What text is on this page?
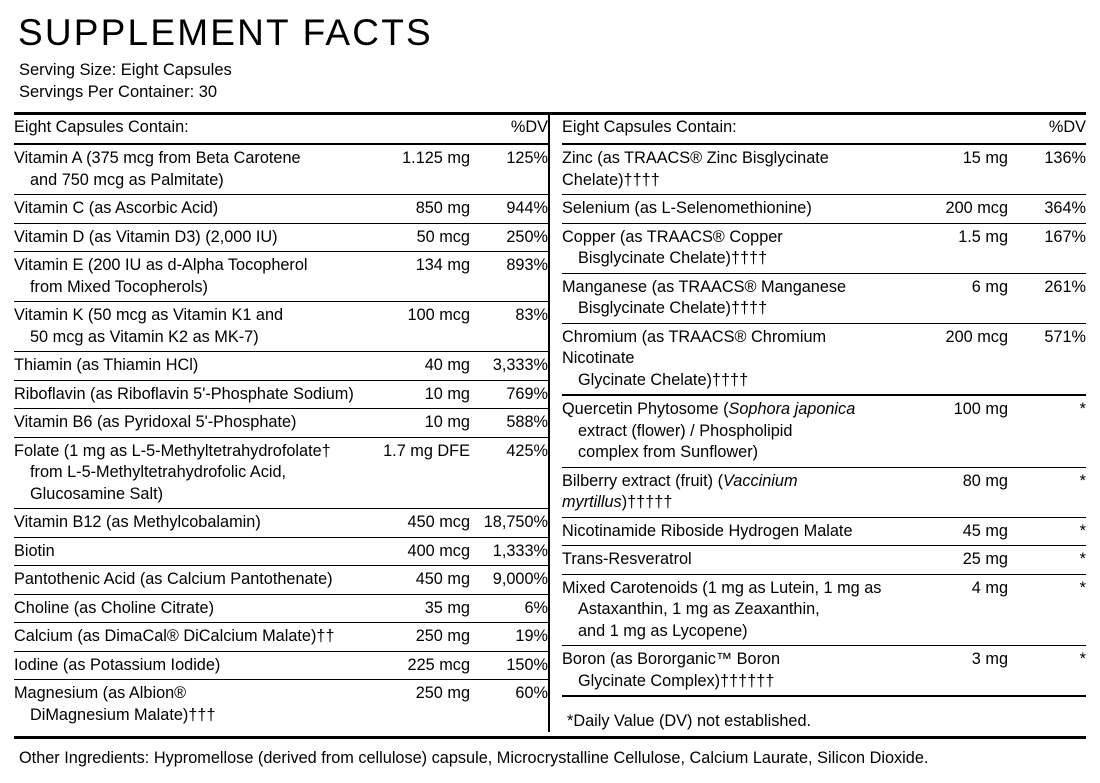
SUPPLEMENT FACTS
Serving Size: Eight Capsules
Servings Per Container: 30
Eight Capsules Contain:		%DV
Vitamin A (375 mcg from Beta Carotene
and 750 mcg as Palmitate)	1.125 mg	125%
Vitamin C (as Ascorbic Acid)	850 mg	944%
Vitamin D (as Vitamin D3) (2,000 IU)	50 mcg	250%
Vitamin E (200 IU as d-Alpha Tocopherol
from Mixed Tocopherols)	134 mg	893%
Vitamin K (50 mcg as Vitamin K1 and
50 mcg as Vitamin K2 as MK-7)	100 mcg	83%
Thiamin (as Thiamin HCl)	40 mg	3,333%
Riboflavin (as Riboflavin 5'-Phosphate Sodium)	10 mg	769%
Vitamin B6 (as Pyridoxal 5'-Phosphate)	10 mg	588%
Folate (1 mg as L-5-Methyltetrahydrofolate†
from L-5-Methyltetrahydrofolic Acid,
Glucosamine Salt)	1.7 mg DFE	425%
Vitamin B12 (as Methylcobalamin)	450 mcg	18,750%
Biotin	400 mcg	1,333%
Pantothenic Acid (as Calcium Pantothenate)	450 mg	9,000%
Choline (as Choline Citrate)	35 mg	6%
Calcium (as DimaCal® DiCalcium Malate)††	250 mg	19%
Iodine (as Potassium Iodide)	225 mcg	150%
Magnesium (as Albion®
DiMagnesium Malate)†††	250 mg	60%
Eight Capsules Contain:		%DV
Zinc (as TRAACS® Zinc Bisglycinate Chelate)††††	15 mg	136%
Selenium (as L-Selenomethionine)	200 mcg	364%
Copper (as TRAACS® Copper
Bisglycinate Chelate)††††	1.5 mg	167%
Manganese (as TRAACS® Manganese
Bisglycinate Chelate)††††	6 mg	261%
Chromium (as TRAACS® Chromium Nicotinate
Glycinate Chelate)††††	200 mcg	571%
Quercetin Phytosome (Sophora japonica
extract (flower) / Phospholipid
complex from Sunflower)	100 mg	*
Bilberry extract (fruit) (Vaccinium myrtillus)†††††	80 mg	*
Nicotinamide Riboside Hydrogen Malate	45 mg	*
Trans-Resveratrol	25 mg	*
Mixed Carotenoids (1 mg as Lutein, 1 mg as
Astaxanthin, 1 mg as Zeaxanthin,
and 1 mg as Lycopene)	4 mg	*
Boron (as Bororganic™ Boron
Glycinate Complex)††††††	3 mg	*
*Daily Value (DV) not established.
Other Ingredients: Hypromellose (derived from cellulose) capsule, Microcrystalline Cellulose, Calcium Laurate, Silicon Dioxide.
